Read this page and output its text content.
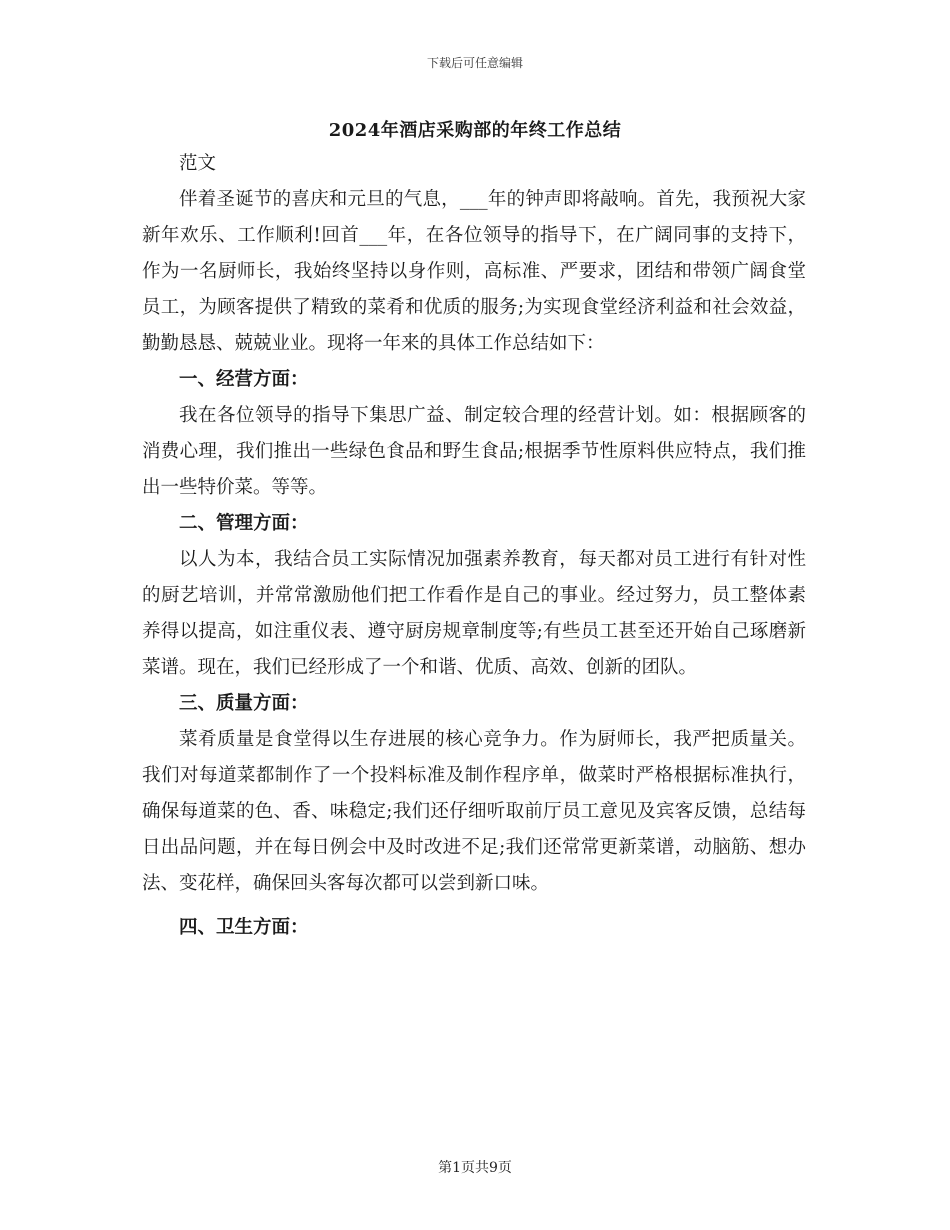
下载后可任意编辑
2024年酒店采购部的年终工作总结

范文

伴着圣诞节的喜庆和元旦的气息，___年的钟声即将敲响。首先，我预祝大家新年欢乐、工作顺利!回首___年，在各位领导的指导下，在广阔同事的支持下，作为一名厨师长，我始终坚持以身作则，高标准、严要求，团结和带领广阔食堂员工，为顾客提供了精致的菜肴和优质的服务;为实现食堂经济利益和社会效益，勤勤恳恳、兢兢业业。现将一年来的具体工作总结如下：

一、经营方面：

我在各位领导的指导下集思广益、制定较合理的经营计划。如：根据顾客的消费心理，我们推出一些绿色食品和野生食品;根据季节性原料供应特点，我们推出一些特价菜。等等。

二、管理方面：

以人为本，我结合员工实际情况加强素养教育，每天都对员工进行有针对性的厨艺培训，并常常激励他们把工作看作是自己的事业。经过努力，员工整体素养得以提高，如注重仪表、遵守厨房规章制度等;有些员工甚至还开始自己琢磨新菜谱。现在，我们已经形成了一个和谐、优质、高效、创新的团队。

三、质量方面：

菜肴质量是食堂得以生存进展的核心竞争力。作为厨师长，我严把质量关。我们对每道菜都制作了一个投料标准及制作程序单，做菜时严格根据标准执行，确保每道菜的色、香、味稳定;我们还仔细听取前厅员工意见及宾客反馈，总结每日出品问题，并在每日例会中及时改进不足;我们还常常更新菜谱，动脑筋、想办法、变花样，确保回头客每次都可以尝到新口味。

四、卫生方面：
第1页共9页
